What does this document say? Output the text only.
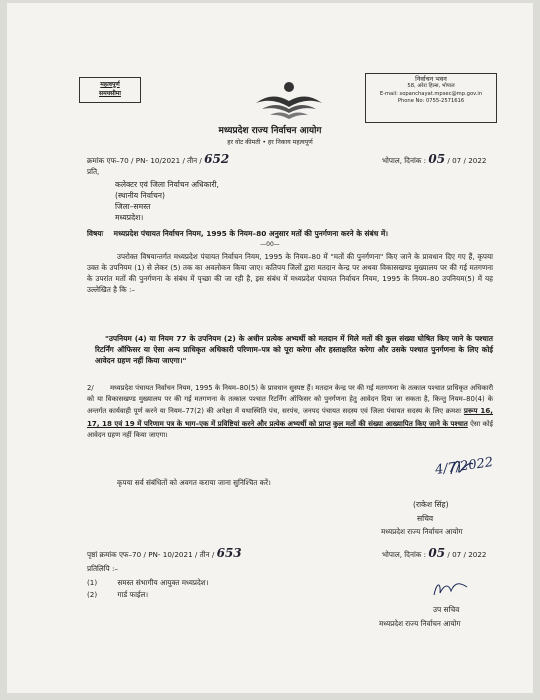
महत्वपूर्ण
समयसीमा
निर्वाचन भवन
58, अरेरा हिल्स, भोपाल
E-mail: sopanchayat.mpsec@mp.gov.in
Phone No: 0755-2571616
मध्यप्रदेश राज्य निर्वाचन आयोग
हर वोट कीमती • हर निकाय महत्वपूर्ण
क्रमांक एफ–70 / PN- 10/2021 / तीन / 652	भोपाल, दिनांक : 05 / 07 / 2022
प्रति,
कलेक्टर एवं जिला निर्वाचन अधिकारी,
(स्थानीय निर्वाचन)
जिला–समस्त
मध्यप्रदेश।
विषयः मध्यप्रदेश पंचायत निर्वाचन नियम, 1995 के नियम–80 अनुसार मतों की पुनर्गणना करने के संबंध में।
—00—
उपरोक्त विषयान्तर्गत मध्यप्रदेश पंचायत निर्वाचन नियम, 1995 के नियम–80 में "मतों की पुनर्गणना" किए जाने के प्रावधान दिए गए हैं, कृपया उक्त के उपनियम (1) से लेकर (5) तक का अवलोकन किया जाए। कतिपय जिलों द्वारा मतदान केन्द्र पर अथवा विकासखण्ड मुख्यालय पर की गई मतगणना के उपरांत मतों की पुनर्गणना के संबंध में पृच्छा की जा रही है, इस संबंध में मध्यप्रदेश पंचायत निर्वाचन नियम, 1995 के नियम–80 उपनियम(5) में यह उल्लेखित है कि :–
"उपनियम (4) या नियम 77 के उपनियम (2) के अधीन प्रत्येक अभ्यर्थी को मतदान में मिले मतों की कुल संख्या घोषित किए जाने के पश्चात रिटर्निंग ऑफिसर या ऐसा अन्य प्राधिकृत अधिकारी परिणाम–पत्र को पूरा करेगा और हस्ताक्षरित करेगा और उसके पश्चात पुनर्गणना के लिए कोई आवेदन ग्रहण नहीं किया जाएगा।"
2/ मध्यप्रदेश पंचायत निर्वाचन नियम, 1995 के नियम–80(5) के प्रावधान सुस्पष्ट हैं। मतदान केन्द्र पर की गई मतगणना के तत्काल पश्चात प्राधिकृत अधिकारी को या विकासखण्ड मुख्यालय पर की गई मतगणना के तत्काल पश्चात रिटर्निंग ऑफिसर को पुनर्गणना हेतु आवेदन दिया जा सकता है, किन्तु नियम–80(4) के अन्तर्गत कार्यवाही पूर्ण करने या नियम–77(2) की अपेक्षा में यथास्थिति पंच, सरपंच, जनपद पंचायत सदस्य एवं जिला पंचायत सदस्य के लिए क्रमशः प्ररूप 16, 17, 18 एवं 19 में परिणाम पत्र के भाग–एक में प्रविष्टियां करने और प्रत्येक अभ्यर्थी को प्राप्त कुल मतों की संख्या आख्यापित किए जाने के पश्चात ऐसा कोई आवेदन ग्रहण नहीं किया जाएगा।
कृपया सर्व संबंधितों को अवगत कराया जाना सुनिश्चित करें।
4/7/2022
(राकेश सिंह)
सचिव
मध्यप्रदेश राज्य निर्वाचन आयोग
पृष्ठां क्रमांक एफ–70 / PN- 10/2021 / तीन / 653	भोपाल, दिनांक : 05 / 07 / 2022
प्रतिलिपि :–
(1)	समस्त संभागीय आयुक्त मध्यप्रदेश।
(2)	गार्ड फाईल।
उप सचिव
मध्यप्रदेश राज्य निर्वाचन आयोग
